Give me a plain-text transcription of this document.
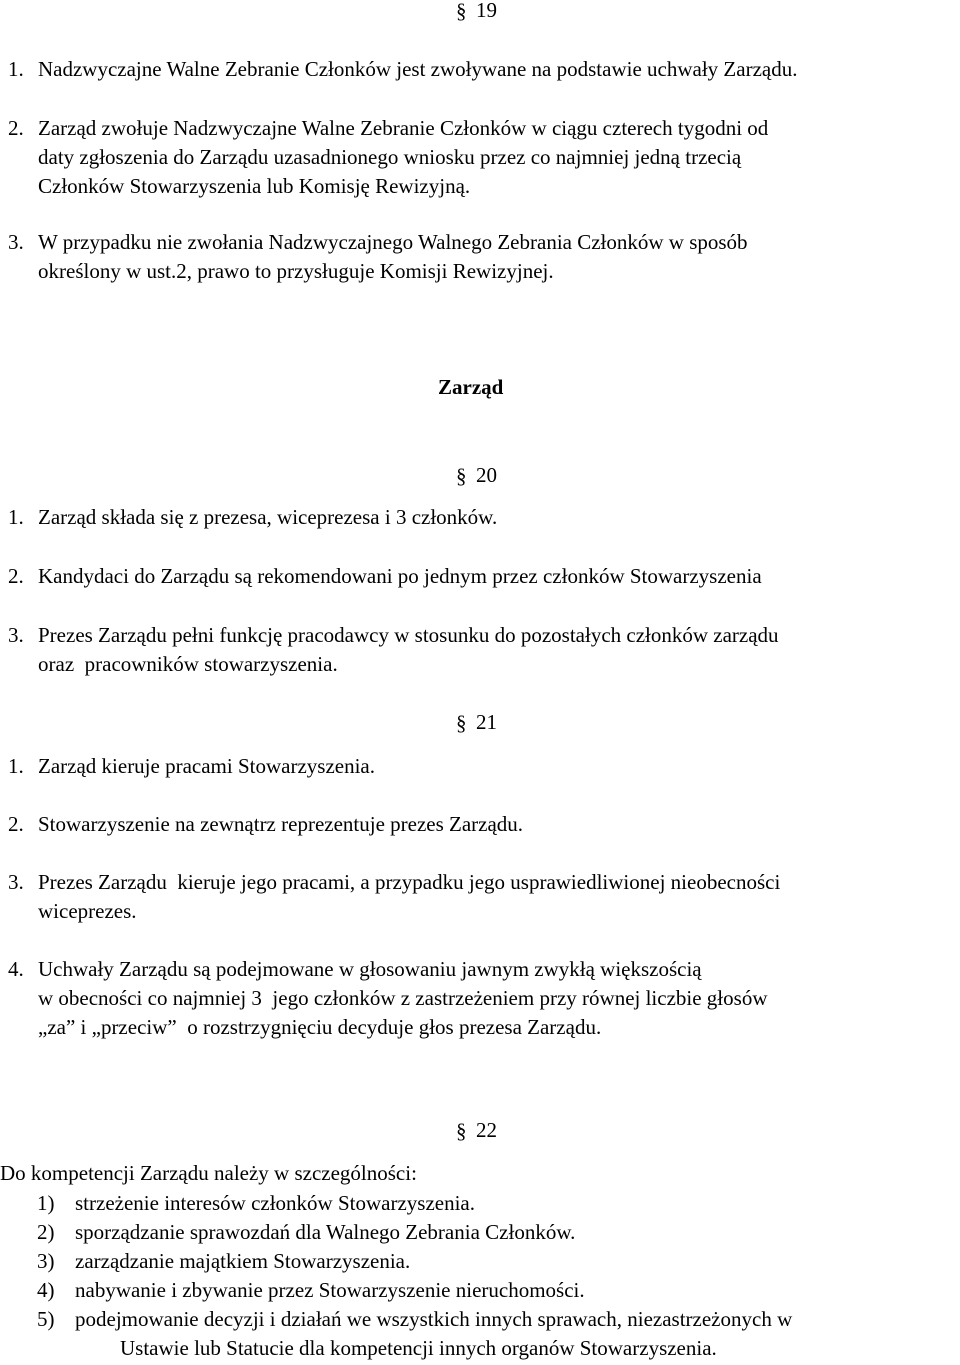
§ 19
1. Nadzwyczajne Walne Zebranie Członków jest zwoływane na podstawie uchwały Zarządu.
2. Zarząd zwołuje Nadzwyczajne Walne Zebranie Członków w ciągu czterech tygodni od
daty zgłoszenia do Zarządu uzasadnionego wniosku przez co najmniej jedną trzecią
Członków Stowarzyszenia lub Komisję Rewizyjną.
3. W przypadku nie zwołania Nadzwyczajnego Walnego Zebrania Członków w sposób
określony w ust.2, prawo to przysługuje Komisji Rewizyjnej.
Zarząd
§ 20
1. Zarząd składa się z prezesa, wiceprezesa i 3 członków.
2. Kandydaci do Zarządu są rekomendowani po jednym przez członków Stowarzyszenia
3. Prezes Zarządu pełni funkcję pracodawcy w stosunku do pozostałych członków zarządu
oraz  pracowników stowarzyszenia.
§ 21
1. Zarząd kieruje pracami Stowarzyszenia.
2. Stowarzyszenie na zewnątrz reprezentuje prezes Zarządu.
3. Prezes Zarządu  kieruje jego pracami, a przypadku jego usprawiedliwionej nieobecności
wiceprezes.
4. Uchwały Zarządu są podejmowane w głosowaniu jawnym zwykłą większością
w obecności co najmniej 3  jego członków z zastrzeżeniem przy równej liczbie głosów
„za” i „przeciw”  o rozstrzygnięciu decyduje głos prezesa Zarządu.
§ 22
Do kompetencji Zarządu należy w szczególności:
1) strzeżenie interesów członków Stowarzyszenia.
2) sporządzanie sprawozdań dla Walnego Zebrania Członków.
3) zarządzanie majątkiem Stowarzyszenia.
4) nabywanie i zbywanie przez Stowarzyszenie nieruchomości.
5) podejmowanie decyzji i działań we wszystkich innych sprawach, niezastrzeżonych w
Ustawie lub Statucie dla kompetencji innych organów Stowarzyszenia.
